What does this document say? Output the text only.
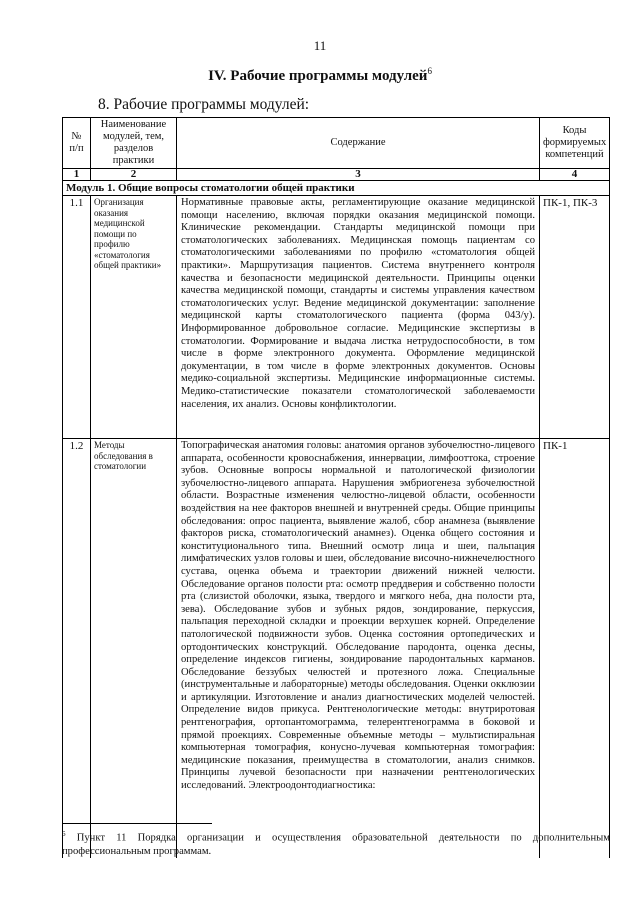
11
IV. Рабочие программы модулей$^6$
8. Рабочие программы модулей:
№ п/п	Наименование модулей, тем, разделов практики	Содержание	Коды формируемых компетенций
1	2	3	4
Модуль 1. Общие вопросы стоматологии общей практики			
1.1	Организация оказания медицинской помощи по профилю «стоматология общей практики»	Нормативные правовые акты, регламентирующие оказание медицинской помощи населению, включая порядки оказания медицинской помощи. Клинические рекомендации. Стандарты медицинской помощи при стоматологических заболеваниях. Медицинская помощь пациентам со стоматологическими заболеваниями по профилю «стоматология общей практики». Маршрутизация пациентов. Система внутреннего контроля качества и безопасности медицинской деятельности. Принципы оценки качества медицинской помощи, стандарты и системы управления качеством стоматологических услуг. Ведение медицинской документации: заполнение медицинской карты стоматологического пациента (форма 043/у). Информированное добровольное согласие. Медицинские экспертизы в стоматологии. Формирование и выдача листка нетрудоспособности, в том числе в форме электронного документа. Оформление медицинской документации, в том числе в форме электронных документов. Основы медико-социальной экспертизы. Медицинские информационные системы. Медико-статистические показатели стоматологической заболеваемости населения, их анализ. Основы конфликтологии.	ПК-1, ПК-3
1.2	Методы обследования в стоматологии	Топографическая анатомия головы: анатомия органов зубочелюстно-лицевого аппарата, особенности кровоснабжения, иннервации, лимфооттока, строение зубов. Основные вопросы нормальной и патологической физиологии зубочелюстно-лицевого аппарата. Нарушения эмбриогенеза зубочелюстной области. Возрастные изменения челюстно-лицевой области, особенности воздействия на нее факторов внешней и внутренней среды. Общие принципы обследования: опрос пациента, выявление жалоб, сбор анамнеза (выявление факторов риска, стоматологический анамнез). Оценка общего состояния и конституционального типа. Внешний осмотр лица и шеи, пальпация лимфатических узлов головы и шеи, обследование височно-нижнечелюстного сустава, оценка объема и траектории движений нижней челюсти. Обследование органов полости рта: осмотр преддверия и собственно полости рта (слизистой оболочки, языка, твердого и мягкого неба, дна полости рта, зева). Обследование зубов и зубных рядов, зондирование, перкуссия, пальпация переходной складки и проекции верхушек корней. Определение патологической подвижности зубов. Оценка состояния ортопедических и ортодонтических конструкций. Обследование пародонта, оценка десны, определение индексов гигиены, зондирование пародонтальных карманов. Обследование беззубых челюстей и протезного ложа. Специальные (инструментальные и лабораторные) методы обследования. Оценки окклюзии и артикуляции. Изготовление и анализ диагностических моделей челюстей. Определение видов прикуса. Рентгенологические методы: внутриротовая рентгенография, ортопантомограмма, телерентгенограмма в боковой и прямой проекциях. Современные объемные методы – мультиспиральная компьютерная томография, конусно-лучевая компьютерная томография: медицинские показания, преимущества в стоматологии, анализ снимков. Принципы лучевой безопасности при назначении рентгенологических исследований. Электроодонтодиагностика:	ПК-1
$^6$ Пункт 11 Порядка организации и осуществления образовательной деятельности по дополнительным профессиональным программам.
